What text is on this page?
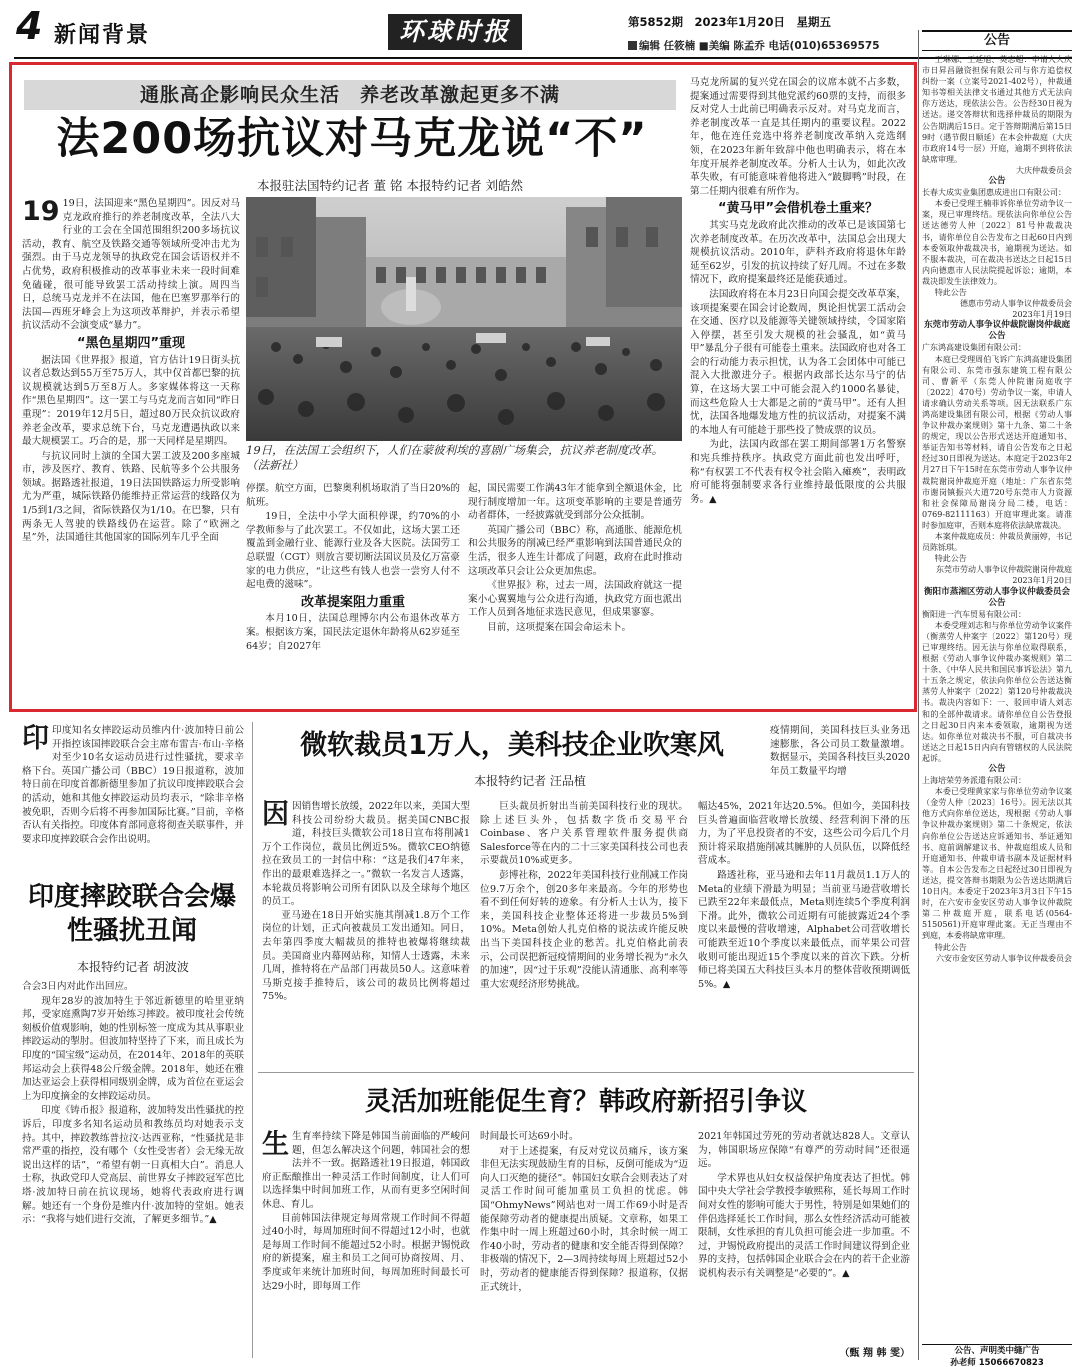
4 新闻背景	环球时报	第5852期　2023年1月20日　星期五
编辑 任筱楠 ■美编 陈孟乔 电话(010)65369575
通胀高企影响民众生活　养老改革激起更多不满
法200场抗议对马克龙说“不”
本报驻法国特约记者 董 铭 本报特约记者 刘皓然
19日，在法国工会组织下，人们在蒙彼利埃的喜剧广场集会，抗议养老制度改革。　　　　（法新社）
19 19日，法国迎来“黑色星期四”。因反对马克龙政府推行的养老制度改革，全法八大行业的工会在全国范围组织200多场抗议活动，教育、航空及铁路交通等领域所受冲击尤为强烈。由于马克龙领导的执政党在国会话语权并不占优势，政府积极推动的改革事业未来一段时间难免磕碰，很可能导致罢工活动持续上演。周四当日，总统马克龙并不在法国，他在巴塞罗那举行的法国—西班牙峰会上为这项改革辩护，并表示希望抗议活动不会演变成“暴力”。
“黑色星期四”重现

据法国《世界报》报道，官方估计19日街头抗议者总数达到55万至75万人，其中仅首都巴黎的抗议规模就达到5万至8万人。多家媒体将这一天称作“黑色星期四”。这一罢工与马克龙而言如同“昨日重现”：2019年12月5日，超过80万民众抗议政府养老金改革，要求总统下台，马克龙遭遇执政以来最大规模罢工。巧合的是，那一天同样是星期四。

与抗议同时上演的全国大罢工波及200多座城市，涉及医疗、教育、铁路、民航等多个公共服务领域。据路透社报道，19日法国铁路运力所受影响尤为严重，城际铁路仍能维持正常运营的线路仅为1/5到1/3之间，省际铁路仅为1/10。在巴黎，只有两条无人驾驶的铁路线仍在运营。除了“欧洲之星”外，法国通往其他国家的国际列车几乎全面

停摆。航空方面，巴黎奥利机场取消了当日20%的航班。

19日，全法中小学大面积停课，约70%的小学教师参与了此次罢工。不仅如此，这场大罢工还覆盖到金融行业、能源行业及各大医院。法国劳工总联盟（CGT）则放言要切断法国议员及亿万富豪家的电力供应，“让这些有钱人也尝一尝穷人付不起电费的滋味”。

改革提案阻力重重

本月10日，法国总理博尔内公布退休改革方案。根据该方案，国民法定退休年龄将从62岁延至64岁；自2027年

起，国民需要工作满43年才能拿到全额退休金，比现行制度增加一年。这项变革影响的主要是普通劳动者群体，一经披露就受到部分公众抵制。

英国广播公司（BBC）称，高通胀、能源危机和公共服务的削减已经严重影响到法国普通民众的生活，很多人连生计都成了问题，政府在此时推动这项改革只会让公众更加焦虑。

《世界报》称，过去一周，法国政府就这一提案小心翼翼地与公众进行沟通，执政党方面也派出工作人员到各地征求选民意见，但成果寥寥。

目前，这项提案在国会命运未卜。

马克龙所属的复兴党在国会的议席本就不占多数，提案通过需要得到其他党派约60票的支持，而很多反对党人士此前已明确表示反对。对马克龙而言，养老制度改革一直是其任期内的重要议程。2022年，他在连任竞选中将养老制度改革纳入竞选纲领，在2023年新年致辞中他也明确表示，将在本年度开展养老制度改革。分析人士认为，如此次改革失败，有可能意味着他将进入“跛脚鸭”时段，在第二任期内很难有所作为。

“黄马甲”会借机卷土重来？

其实马克龙政府此次推动的改革已是该国第七次养老制度改革。在历次改革中，法国总会出现大规模抗议活动。2010年，萨科齐政府将退休年龄延至62岁，引发的抗议持续了好几周。不过在多数情况下，政府提案最终还是能获通过。

法国政府将在本月23日向国会提交改革草案，该项提案要在国会讨论数周，舆论担忧罢工活动会在交通、医疗以及能源等关键领域持续，令国家陷入停摆，甚至引发大规模的社会骚乱，如“黄马甲”暴乱分子很有可能卷土重来。法国政府也对各工会的行动能力表示担忧，认为各工会团体中可能已混入大批激进分子。根据内政部长达尔马宁的估算，在这场大罢工中可能会混入约1000名暴徒，而这些危险人士大都是之前的“黄马甲”。还有人担忧，法国各地爆发地方性的抗议活动，对提案不满的本地人有可能趁于那些投了赞成票的议员。

为此，法国内政部在罢工期间部署1万名警察和宪兵维持秩序。执政党方面此前也发出呼吁，称“有权罢工不代表有权令社会陷入瘫痪”，表明政府可能将强制要求各行业维持最低限度的公共服务。▲

印印度知名女摔跤运动员维内什·波加特日前公开指控该国摔跤联合会主席布雷吉·布山·辛格对至少10名女运动员进行过性骚扰，要求辛格下台。英国广播公司（BBC）19日报道称，波加特日前在印度首都新德里参加了抗议印度摔跤联合会的活动，她和其他女摔跤运动员均表示，“除非辛格被免职，否则今后将不再参加国际比赛。”目前，辛格否认有关指控。印度体育部同意将彻查关联事件，并要求印度摔跤联合会作出说明。
印度摔跤联合会爆性骚扰丑闻
本报特约记者 胡波波

合会3日内对此作出回应。

现年28岁的波加特生于邻近新德里的哈里亚纳邦，受家庭熏陶7岁开始练习摔跤。被印度社会传统刻板价值观影响，她的性别标签一度成为其从事职业摔跤运动的掣肘。但波加特坚持了下来，而且成长为印度的“国宝级”运动员，在2014年、2018年的英联邦运动会上获得48公斤级金牌。2018年，她还在雅加达亚运会上获得相同级别金牌，成为首位在亚运会上为印度摘金的女摔跤运动员。

印度《铸币报》报道称，波加特发出性骚扰的控诉后，印度多名知名运动员和教练员均对她表示支持。其中，摔跤教练普拉汶·达西亚称，“性骚扰是非常严重的指控，没有哪个（女性受害者）会无缘无故说出这样的话”，“希望有朝一日真相大白”。消息人士称，执政党印人党高层、前世界女子摔跤冠军芭比塔·波加特日前在抗议现场，她将代表政府进行调解。她还有一个身份是维内什·波加特的堂姐。她表示：“我将与她们进行交流，了解更多细节。”▲

微软裁员1万人，美科技企业吹寒风
本报特约记者 汪品植

疫情期间，美国科技巨头业务迅速膨胀，各公司员工数量激增。数据显示，美国各科技巨头2020年员工数量平均增

因因销售增长放缓，2022年以来，美国大型科技公司纷纷大裁员。据美国CNBC报道，科技巨头微软公司18日宣布将削减1万个工作岗位，裁员比例近5%。微软CEO纳德拉在致员工的一封信中称：“这是我们47年来，作出的最艰难选择之一。”微软一名发言人透露，本轮裁员将影响公司所有团队以及全球每个地区的员工。

亚马逊在18日开始实施其削减1.8万个工作岗位的计划，正式向被裁员工发出通知。同日，去年第四季度大幅裁员的推特也被爆将继续裁员。美国商业内幕网站称，知情人士透露，未来几周，推特将在产品部门再裁员50人。这意味着马斯克接手推特后，该公司的裁员比例将超过75%。

巨头裁员折射出当前美国科技行业的现状。除上述巨头外，包括数字货币交易平台Coinbase、客户关系管理软件服务提供商Salesforce等在内的二十三家美国科技公司也表示要裁员10%或更多。

彭博社称，2022年美国科技行业削减工作岗位9.7万余个，创20多年来最高。今年的形势也看不到任何好转的迹象。有分析人士认为，接下来，美国科技企业整体还将进一步裁员5%到10%。Meta创始人扎克伯格的说法或许能反映出当下美国科技企业的愁苦。扎克伯格此前表示，公司误把新冠疫情期间的业务增长视为“永久的加速”，因“过于乐观”没能认清通胀、高利率等重大宏观经济形势挑战。

幅达45%，2021年达20.5%。但如今，美国科技巨头普遍面临营收增长放缓、经营利润下滑的压力，为了平息投资者的不安，这些公司今后几个月预计将采取措施削减其臃肿的人员队伍，以降低经营成本。

路透社称，亚马逊和去年11月裁员1.1万人的Meta的业绩下滑最为明显；当前亚马逊营收增长已跌至22年来最低点，Meta则连续5个季度利润下滑。此外，微软公司近期有可能披露近24个季度以来最慢的营收增速，Alphabet公司营收增长可能跌至近10个季度以来最低点，而苹果公司营收则可能出现近15个季度以来的首次下跌。分析师已将美国五大科技巨头本月的整体营收预期调低5%。▲

灵活加班能促生育？韩政府新招引争议
生生育率持续下降是韩国当前面临的严峻问题，但怎么解决这个问题，韩国社会的想法并不一致。据路透社19日报道，韩国政府正酝酿推出一种灵活工作时间制度，让人们可以选择集中时间加班工作，从而有更多空闲时间休息、育儿。

目前韩国法律规定每周常规工作时间不得超过40小时，每周加班时间不得超过12小时，也就是每周工作时间不能超过52小时。根据尹锡悦政府的新提案，雇主和员工之间可协商按周、月、季度或年来统计加班时间，每周加班时间最长可达29小时，即每周工作

时间最长可达69小时。

对于上述提案，有反对党议员痛斥，该方案非但无法实现鼓励生育的目标，反倒可能成为“迈向人口灭绝的捷径”。韩国妇女联合会则表达了对灵活工作时间可能加重员工负担的忧虑。韩国“OhmyNews”网站也对一周工作69小时是否能保障劳动者的健康提出质疑。文章称，如果工作集中时一周上班超过60小时，其余时候一周工作40小时，劳动者的健康和安全能否得到保障？非极端的情况下，2—3周持续每周上班超过52小时，劳动者的健康能否得到保障？报道称，仅据正式统计，

2021年韩国过劳死的劳动者就达828人。文章认为，韩国职场应保障“有尊严的劳动时间”还很遥远。

学术界也从妇女权益保护角度表达了担忧。韩国中央大学社会学教授李敏熙称，延长每周工作时间对女性的影响可能大于男性，特别是如果她们的伴侣选择延长工作时间，那么女性经济活动可能被限制，女性承担的育儿负担可能会进一步加重。不过，尹锡悦政府提出的灵活工作时间建议得到企业界的支持，包括韩国企业联合会在内的若干企业游说机构表示有关调整是“必要的”。▲

（甄 翔 韩 雯）
公告

王琳娜、王延旭、英志超：申请人大庆市日昇昌融资担保有限公司与你方追偿权纠纷一案（立案号2021-402号），仲裁通知书等相关法律文书通过其他方式无法向你方送达，现依法公告。公告经30日视为送达。递交答辩状和选择仲裁员的期限为公告期满后15日。定于答辩期满后第15日9时（遇节假日顺延）在本会仲裁庭（大庆市政府14号一层）开庭，逾期不到将依法缺席审理。

大庆仲裁委员会
公告
长春大成实业集团惠成进出口有限公司：

本委已受理王楠菲诉你单位劳动争议一案，现已审理终结。现依法向你单位公告送达德劳人仲〔2022〕81号仲裁裁决书，请你单位自公告发布之日起60日内到本委领取仲裁裁决书，逾期视为送达。如不服本裁决，可在裁决书送达之日起15日内向德惠市人民法院提起诉讼；逾期，本裁决即发生法律效力。

特此公告

德惠市劳动人事争议仲裁委员会
2023年1月19日
东莞市劳动人事争议仲裁院谢岗仲裁庭公告
广东鸿高建设集团有限公司：

本庭已受理周伯飞诉广东鸿高建设集团有限公司、东莞市强东建筑工程有限公司、曹新平（东莞人仲院谢岗庭收字〔2022〕470号）劳动争议一案，申请人请求确认劳动关系等项。因无法联系广东鸿高建设集团有限公司，根据《劳动人事争议仲裁办案规则》第十九条、第二十条的规定，现以公告形式送达开庭通知书、举证告知书等材料，请自公告发布之日起经过30日即视为送达。本庭定于2023年2月27日下午15时在东莞市劳动人事争议仲裁院谢岗仲裁庭开庭（地址：广东省东莞市谢岗镇振兴大道720号东莞市人力资源和社会保障局谢岗分局二楼，电话：0769-82111163）开庭审理此案。请准时参加庭审，否则本庭将依法缺席裁决。

本案仲裁庭成员：仲裁员黄丽婷，书记员陈铄琪。

特此公告

东莞市劳动人事争议仲裁院谢岗仲裁庭
2023年1月20日
衡阳市蒸湘区劳动人事争议仲裁委员会公告
衡阳进一汽车贸易有限公司：

本委受理刘志和与你单位劳动争议案件（衡蒸劳人仲案字〔2022〕第120号）现已审理终结。因无法与你单位取得联系，根据《劳动人事争议仲裁办案规则》第二十条、《中华人民共和国民事诉讼法》第九十五条之规定，依法向你单位公告送达衡蒸劳人仲案字〔2022〕第120号仲裁裁决书。裁决内容如下：一、驳回申请人刘志和的全部仲裁请求。请你单位自公告登报之日起30日内来本委领取，逾期视为送达。如你单位对裁决书不服，可自裁决书送达之日起15日内向有管辖权的人民法院起诉。

公告
上海培荣劳务派遣有限公司：

本委已受理黄家家与你单位劳动争议案（金劳人仲〔2023〕16号）。因无法以其他方式向你单位送达，现根据《劳动人事争议仲裁办案规则》第二十条规定，依法向你单位公告送达应诉通知书、举证通知书、庭前调解建议书、仲裁庭组成人员和开庭通知书、仲裁申请书副本及证据材料等。自本公告发布之日起经过30日即视为送达，提交答辩书期限为公告送达期满后10日内。本委定于2023年3月3日下午15时，在六安市金安区劳动人事争议仲裁院第二仲裁庭开庭，联系电话(0564-5150561)开庭审理此案。无正当理由不到庭，本委将缺席审理。

特此公告

六安市金安区劳动人事争议仲裁委员会
公告、声明类中缝广告
孙老师 15066670823
